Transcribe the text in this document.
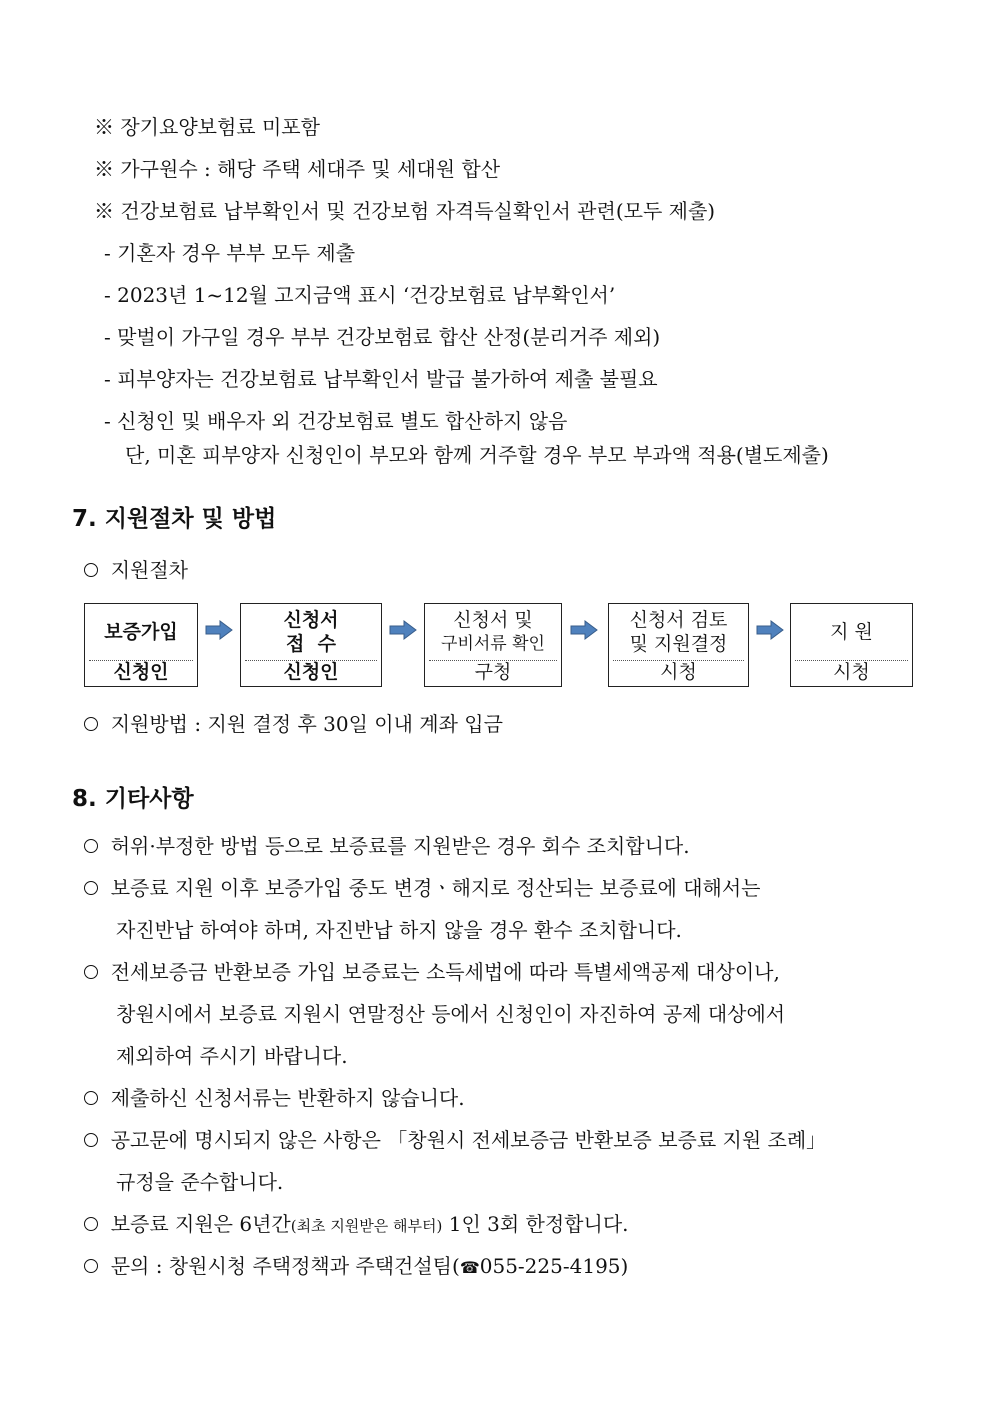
※ 장기요양보험료 미포함
※ 가구원수 : 해당 주택 세대주 및 세대원 합산
※ 건강보험료 납부확인서 및 건강보험 자격득실확인서 관련(모두 제출)
- 기혼자 경우 부부 모두 제출
- 2023년 1~12월 고지금액 표시 ‘건강보험료 납부확인서’
- 맞벌이 가구일 경우 부부 건강보험료 합산 산정(분리거주 제외)
- 피부양자는 건강보험료 납부확인서 발급 불가하여 제출 불필요
- 신청인 및 배우자 외 건강보험료 별도 합산하지 않음
단, 미혼 피부양자 신청인이 부모와 함께 거주할 경우 부모 부과액 적용(별도제출)
7. 지원절차 및 방법
지원절차
보증가입
신청인
신청서
접  수
신청인
신청서 및
구비서류 확인
구청
신청서 검토
및 지원결정
시청
지 원
시청
지원방법 : 지원 결정 후 30일 이내 계좌 입금
8. 기타사항
허위·부정한 방법 등으로 보증료를 지원받은 경우 회수 조치합니다.
보증료 지원 이후 보증가입 중도 변경ㆍ해지로 정산되는 보증료에 대해서는
자진반납 하여야 하며, 자진반납 하지 않을 경우 환수 조치합니다.
전세보증금 반환보증 가입 보증료는 소득세법에 따라 특별세액공제 대상이나,
창원시에서 보증료 지원시 연말정산 등에서 신청인이 자진하여 공제 대상에서
제외하여 주시기 바랍니다.
제출하신 신청서류는 반환하지 않습니다.
공고문에 명시되지 않은 사항은 「창원시 전세보증금 반환보증 보증료 지원 조례」
규정을 준수합니다.
보증료 지원은 6년간(최초 지원받은 해부터) 1인 3회 한정합니다.
문의 : 창원시청 주택정책과 주택건설팀(☎055-225-4195)
